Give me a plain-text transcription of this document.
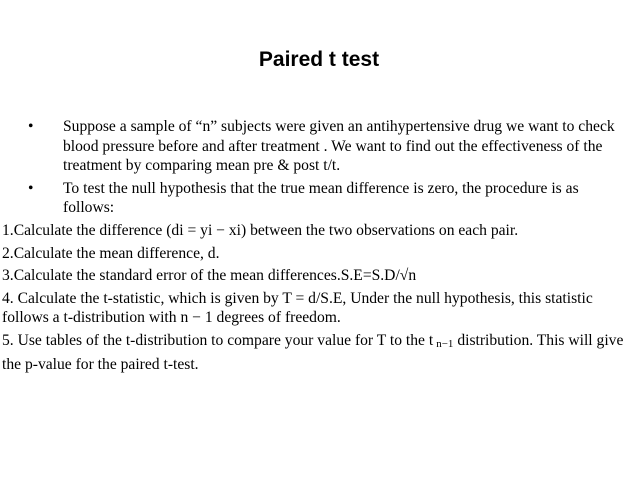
Paired t test
• Suppose a sample of “n” subjects were given an antihypertensive drug we want to check blood pressure before and after treatment . We want to find out the effectiveness of the treatment by comparing mean pre & post t/t.
• To test the null hypothesis that the true mean difference is zero, the procedure is as follows:
1.Calculate the difference (di = yi − xi) between the two observations on each pair.
2.Calculate the mean difference, d.
3.Calculate the standard error of the mean differences.S.E=S.D/√n
4. Calculate the t-statistic, which is given by T = d/S.E, Under the null hypothesis, this statistic follows a t-distribution with n − 1 degrees of freedom.
5. Use tables of the t-distribution to compare your value for T to the t n−1 distribution. This will give the p-value for the paired t-test.
